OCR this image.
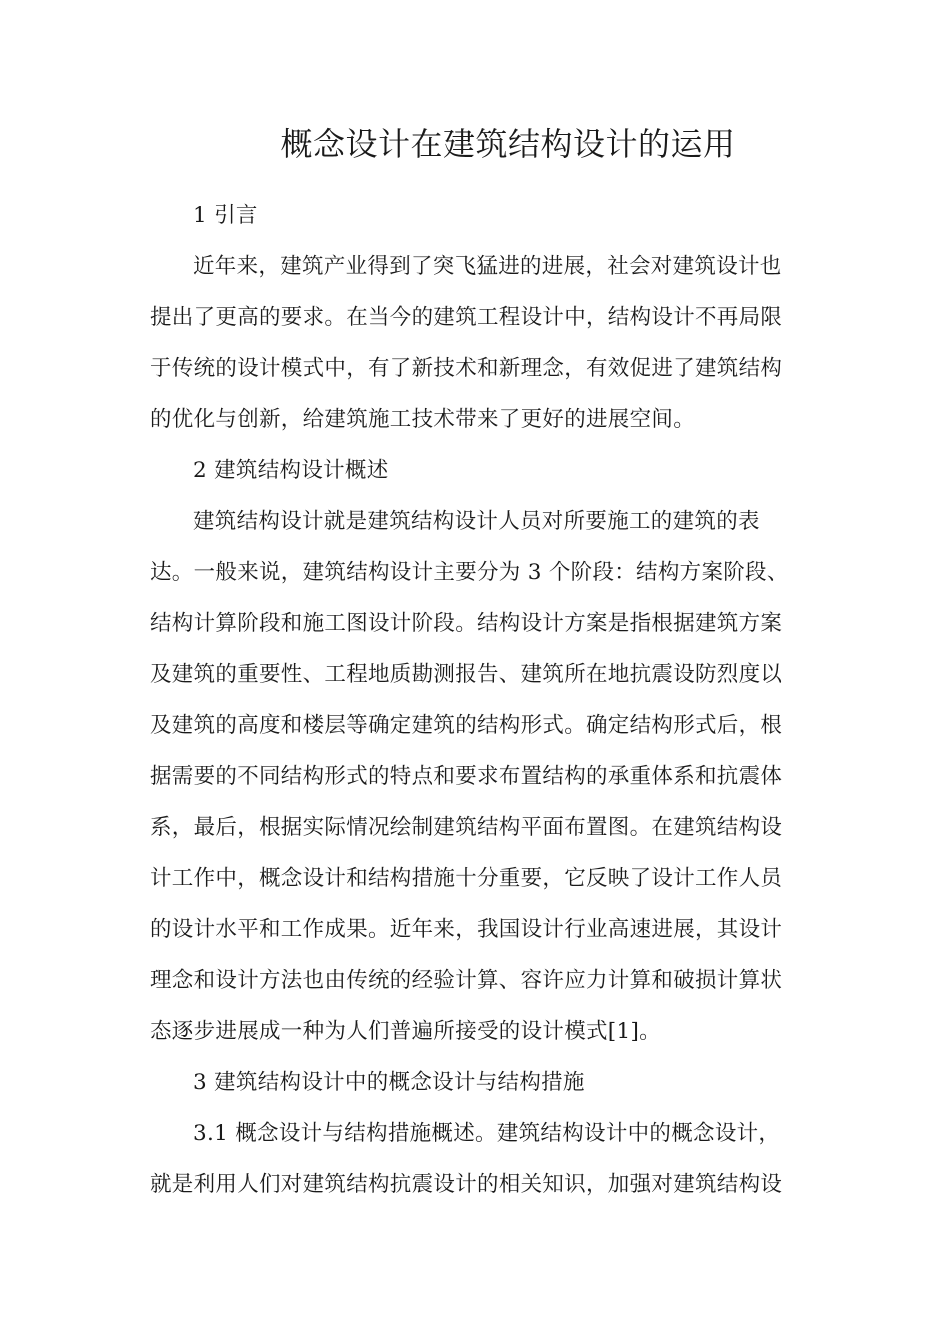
概念设计在建筑结构设计的运用
1 引言
近年来，建筑产业得到了突飞猛进的进展，社会对建筑设计也
提出了更高的要求。在当今的建筑工程设计中，结构设计不再局限
于传统的设计模式中，有了新技术和新理念，有效促进了建筑结构
的优化与创新，给建筑施工技术带来了更好的进展空间。
2 建筑结构设计概述
建筑结构设计就是建筑结构设计人员对所要施工的建筑的表
达。一般来说，建筑结构设计主要分为 3 个阶段：结构方案阶段、
结构计算阶段和施工图设计阶段。结构设计方案是指根据建筑方案
及建筑的重要性、工程地质勘测报告、建筑所在地抗震设防烈度以
及建筑的高度和楼层等确定建筑的结构形式。确定结构形式后，根
据需要的不同结构形式的特点和要求布置结构的承重体系和抗震体
系，最后，根据实际情况绘制建筑结构平面布置图。在建筑结构设
计工作中，概念设计和结构措施十分重要，它反映了设计工作人员
的设计水平和工作成果。近年来，我国设计行业高速进展，其设计
理念和设计方法也由传统的经验计算、容许应力计算和破损计算状
态逐步进展成一种为人们普遍所接受的设计模式[1]。
3 建筑结构设计中的概念设计与结构措施
3.1 概念设计与结构措施概述。建筑结构设计中的概念设计，
就是利用人们对建筑结构抗震设计的相关知识，加强对建筑结构设
